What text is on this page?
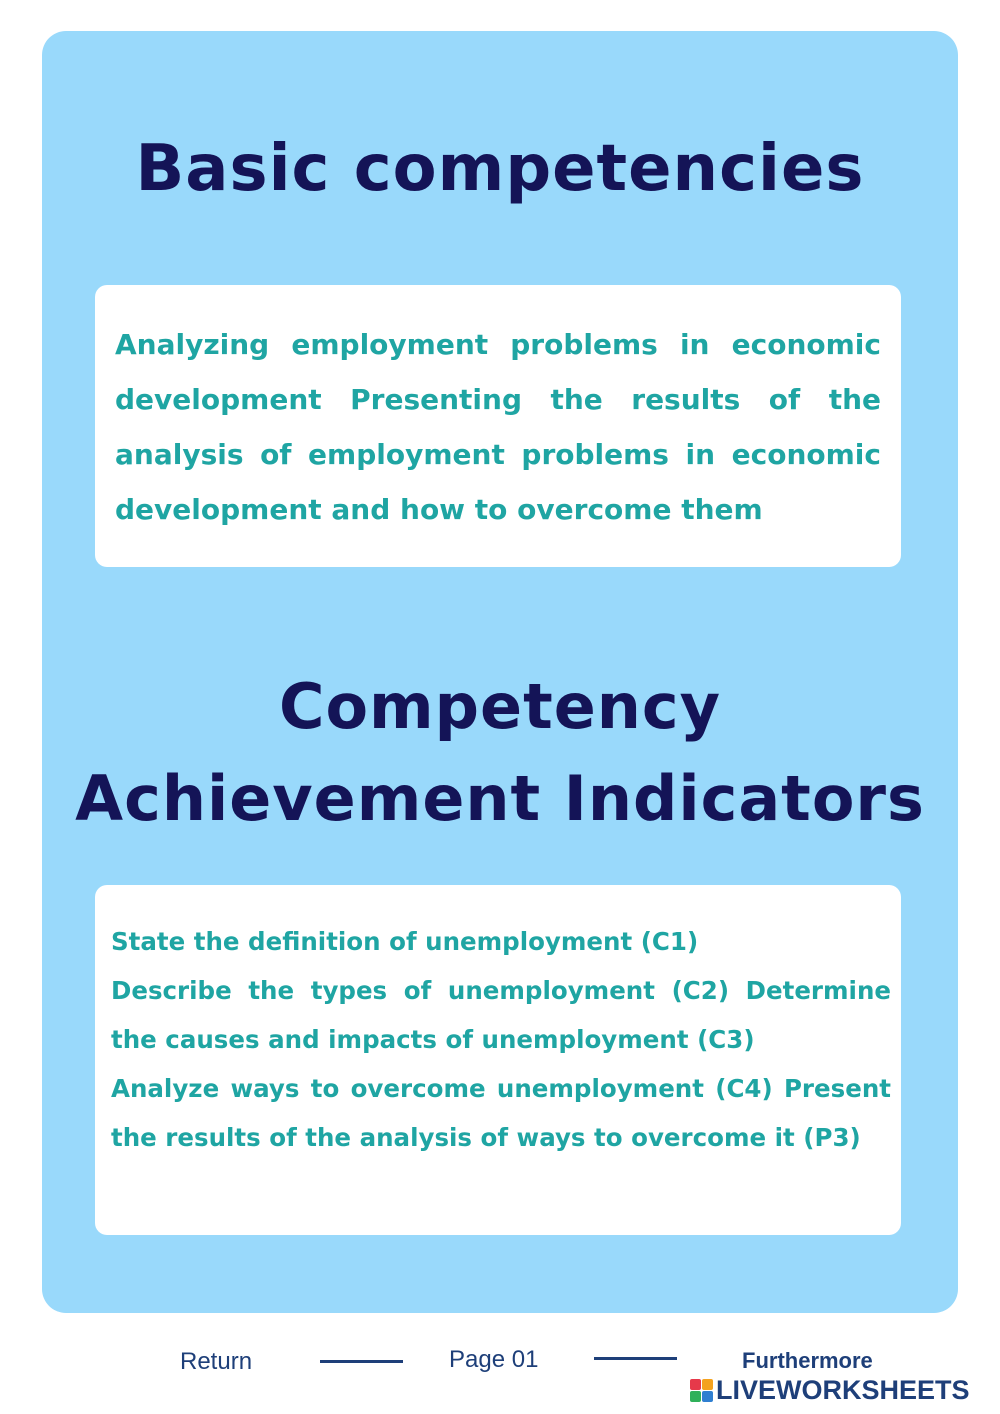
Basic competencies

Analyzing employment problems in economic development Presenting the results of the analysis of employment problems in economic development and how to overcome them

Competency
Achievement Indicators

State the definition of unemployment (C1)

Describe the types of unemployment (C2) Determine the causes and impacts of unemployment (C3)

Analyze ways to overcome unemployment (C4) Present the results of the analysis of ways to overcome it (P3)

Return	Page 01	Furthermore
LIVEWORKSHEETS
